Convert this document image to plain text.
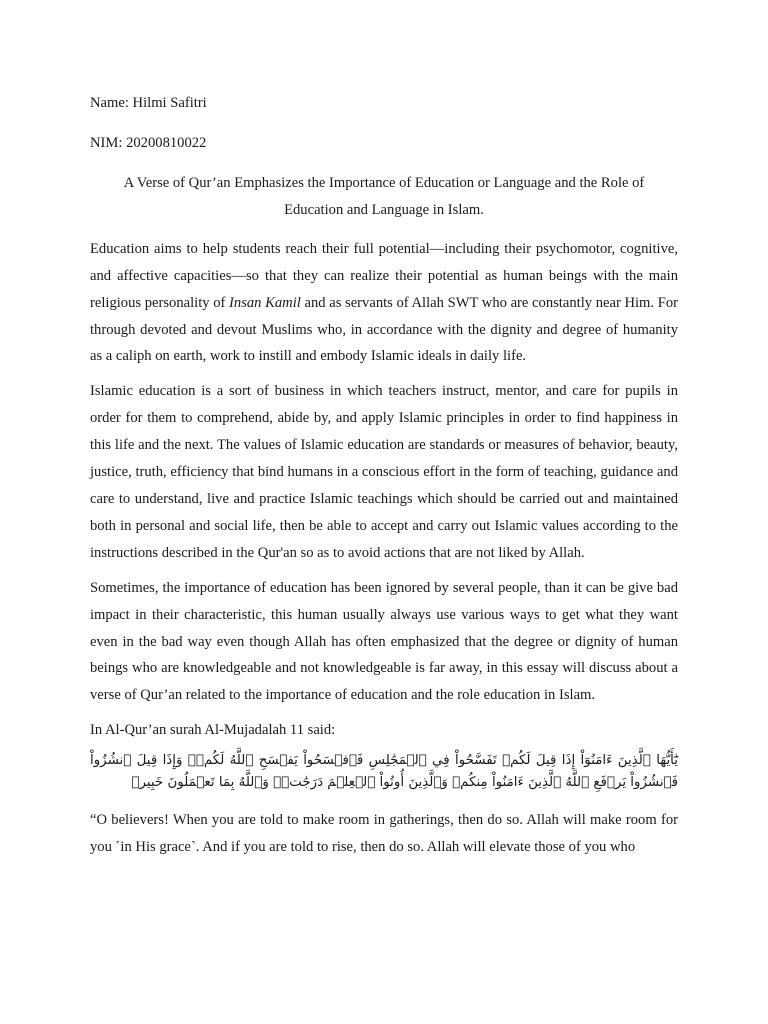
Name: Hilmi Safitri

NIM: 20200810022

A Verse of Qur’an Emphasizes the Importance of Education or Language and the Role of
Education and Language in Islam.

Education aims to help students reach their full potential—including their psychomotor, cognitive, and affective capacities—so that they can realize their potential as human beings with the main religious personality of Insan Kamil and as servants of Allah SWT who are constantly near Him. For through devoted and devout Muslims who, in accordance with the dignity and degree of humanity as a caliph on earth, work to instill and embody Islamic ideals in daily life.

Islamic education is a sort of business in which teachers instruct, mentor, and care for pupils in order for them to comprehend, abide by, and apply Islamic principles in order to find happiness in this life and the next. The values of Islamic education are standards or measures of behavior, beauty, justice, truth, efficiency that bind humans in a conscious effort in the form of teaching, guidance and care to understand, live and practice Islamic teachings which should be carried out and maintained both in personal and social life, then be able to accept and carry out Islamic values according to the instructions described in the Qur'an so as to avoid actions that are not liked by Allah.

Sometimes, the importance of education has been ignored by several people, than it can be give bad impact in their characteristic, this human usually always use various ways to get what they want even in the bad way even though Allah has often emphasized that the degree or dignity of human beings who are knowledgeable and not knowledgeable is far away, in this essay will discuss about a verse of Qur’an related to the importance of education and the role education in Islam.

In Al-Qur’an surah Al-Mujadalah 11 said:

يَٰٓأَيُّهَا ٱلَّذِينَ ءَامَنُوٓاْ إِذَا قِيلَ لَكُمۡ تَفَسَّحُواْ فِي ٱلۡمَجَٰلِسِ فَٱفۡسَحُواْ يَفۡسَحِ ٱللَّهُ لَكُمۡۖ وَإِذَا قِيلَ ٱنشُزُواْ فَٱنشُزُواْ يَرۡفَعِ ٱللَّهُ ٱلَّذِينَ ءَامَنُواْ مِنكُمۡ وَٱلَّذِينَ أُوتُواْ ٱلۡعِلۡمَ دَرَجَٰتٖۚ وَٱللَّهُ بِمَا تَعۡمَلُونَ خَبِيرٞ

“O believers! When you are told to make room in gatherings, then do so. Allah will make room for you ˹in His grace˺. And if you are told to rise, then do so. Allah will elevate those of you who
